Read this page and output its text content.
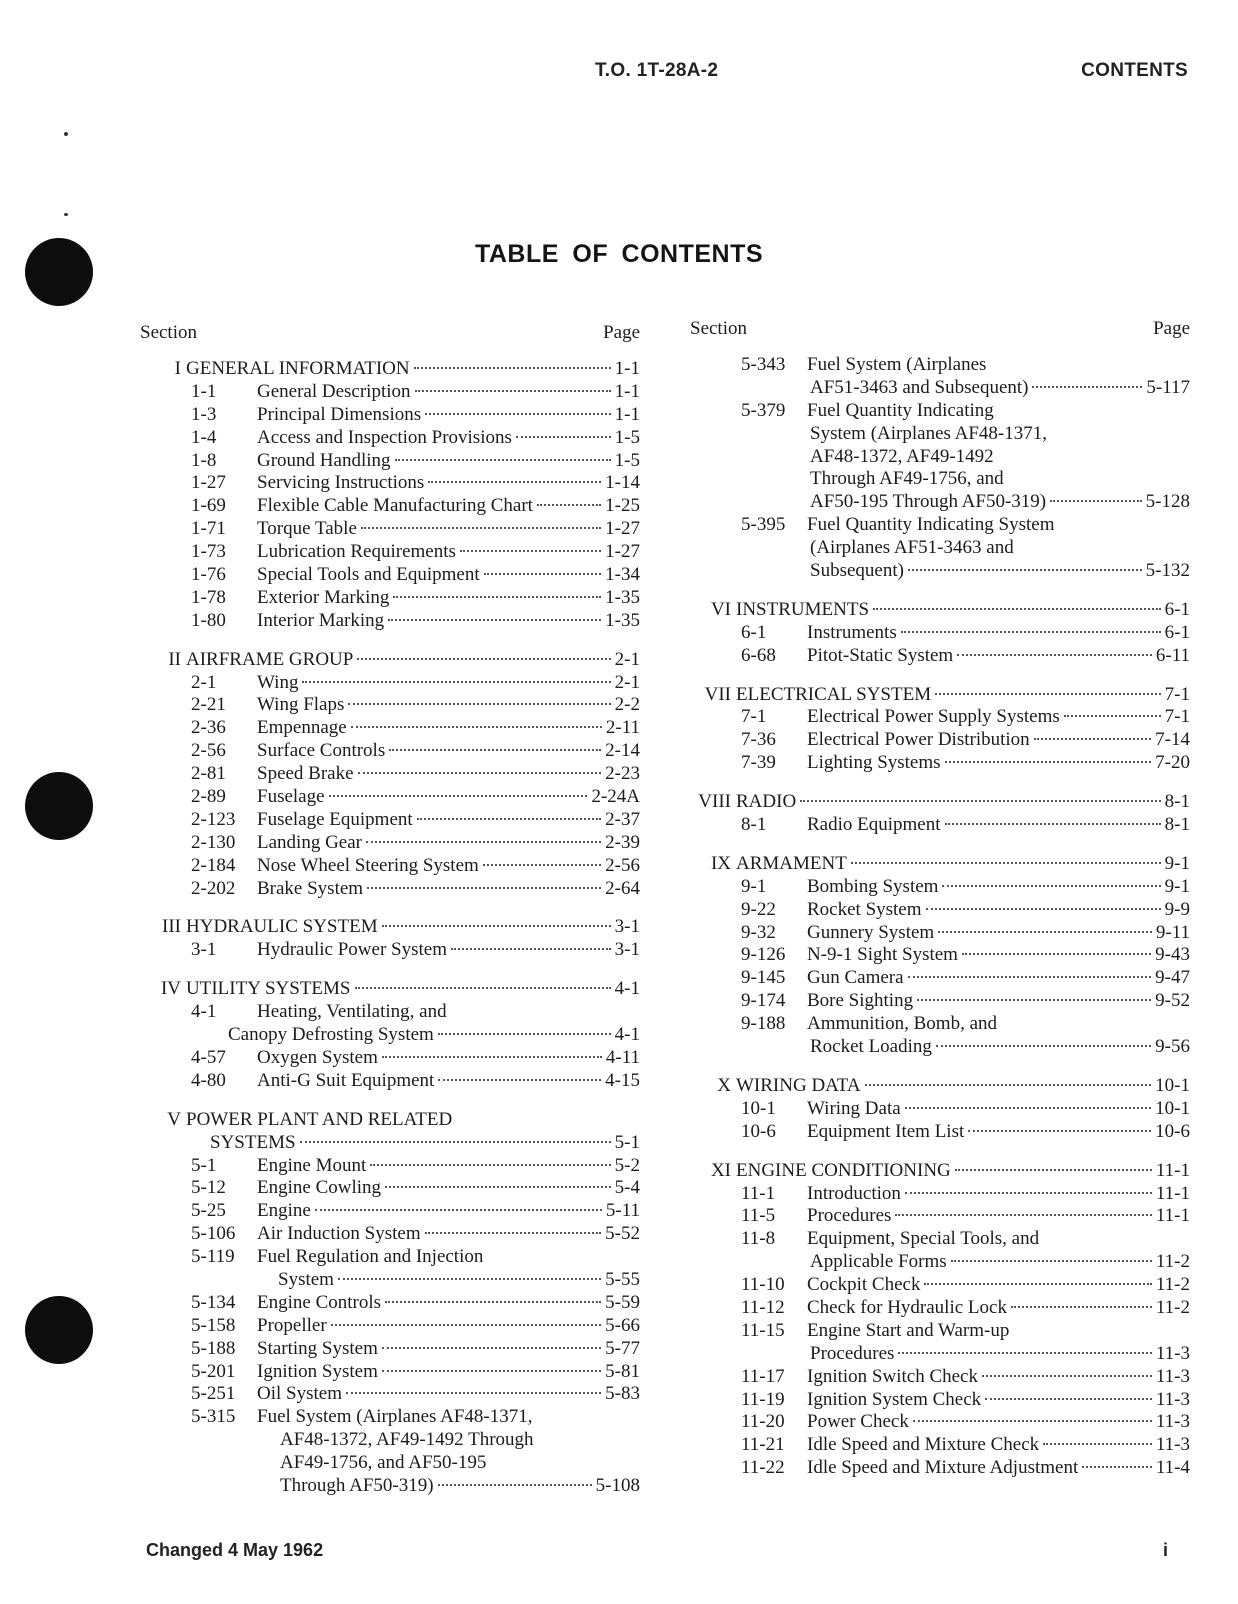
T.O. 1T-28A-2	CONTENTS
TABLE OF CONTENTS
Section	Page
I GENERAL INFORMATION	1-1
1-1	General Description	1-1
1-3	Principal Dimensions	1-1
1-4	Access and Inspection Provisions	1-5
1-8	Ground Handling	1-5
1-27	Servicing Instructions	1-14
1-69	Flexible Cable Manufacturing Chart	1-25
1-71	Torque Table	1-27
1-73	Lubrication Requirements	1-27
1-76	Special Tools and Equipment	1-34
1-78	Exterior Marking	1-35
1-80	Interior Marking	1-35
II AIRFRAME GROUP	2-1
2-1	Wing	2-1
2-21	Wing Flaps	2-2
2-36	Empennage	2-11
2-56	Surface Controls	2-14
2-81	Speed Brake	2-23
2-89	Fuselage	2-24A
2-123	Fuselage Equipment	2-37
2-130	Landing Gear	2-39
2-184	Nose Wheel Steering System	2-56
2-202	Brake System	2-64
III HYDRAULIC SYSTEM	3-1
3-1	Hydraulic Power System	3-1
IV UTILITY SYSTEMS	4-1
4-1	Heating, Ventilating, and
Canopy Defrosting System	4-1
4-57	Oxygen System	4-11
4-80	Anti-G Suit Equipment	4-15
V POWER PLANT AND RELATED
SYSTEMS	5-1
5-1	Engine Mount	5-2
5-12	Engine Cowling	5-4
5-25	Engine	5-11
5-106	Air Induction System	5-52
5-119	Fuel Regulation and Injection
System	5-55
5-134	Engine Controls	5-59
5-158	Propeller	5-66
5-188	Starting System	5-77
5-201	Ignition System	5-81
5-251	Oil System	5-83
5-315	Fuel System (Airplanes AF48-1371,
AF48-1372, AF49-1492 Through
AF49-1756, and AF50-195
Through AF50-319)	5-108
Section	Page
5-343	Fuel System (Airplanes
AF51-3463 and Subsequent)	5-117
5-379	Fuel Quantity Indicating
System (Airplanes AF48-1371,
AF48-1372, AF49-1492
Through AF49-1756, and
AF50-195 Through AF50-319)	5-128
5-395	Fuel Quantity Indicating System
(Airplanes AF51-3463 and
Subsequent)	5-132
VI INSTRUMENTS	6-1
6-1	Instruments	6-1
6-68	Pitot-Static System	6-11
VII ELECTRICAL SYSTEM	7-1
7-1	Electrical Power Supply Systems	7-1
7-36	Electrical Power Distribution	7-14
7-39	Lighting Systems	7-20
VIII RADIO	8-1
8-1	Radio Equipment	8-1
IX ARMAMENT	9-1
9-1	Bombing System	9-1
9-22	Rocket System	9-9
9-32	Gunnery System	9-11
9-126	N-9-1 Sight System	9-43
9-145	Gun Camera	9-47
9-174	Bore Sighting	9-52
9-188	Ammunition, Bomb, and
Rocket Loading	9-56
X WIRING DATA	10-1
10-1	Wiring Data	10-1
10-6	Equipment Item List	10-6
XI ENGINE CONDITIONING	11-1
11-1	Introduction	11-1
11-5	Procedures	11-1
11-8	Equipment, Special Tools, and
Applicable Forms	11-2
11-10	Cockpit Check	11-2
11-12	Check for Hydraulic Lock	11-2
11-15	Engine Start and Warm-up
Procedures	11-3
11-17	Ignition Switch Check	11-3
11-19	Ignition System Check	11-3
11-20	Power Check	11-3
11-21	Idle Speed and Mixture Check	11-3
11-22	Idle Speed and Mixture Adjustment	11-4
Changed 4 May 1962	i
